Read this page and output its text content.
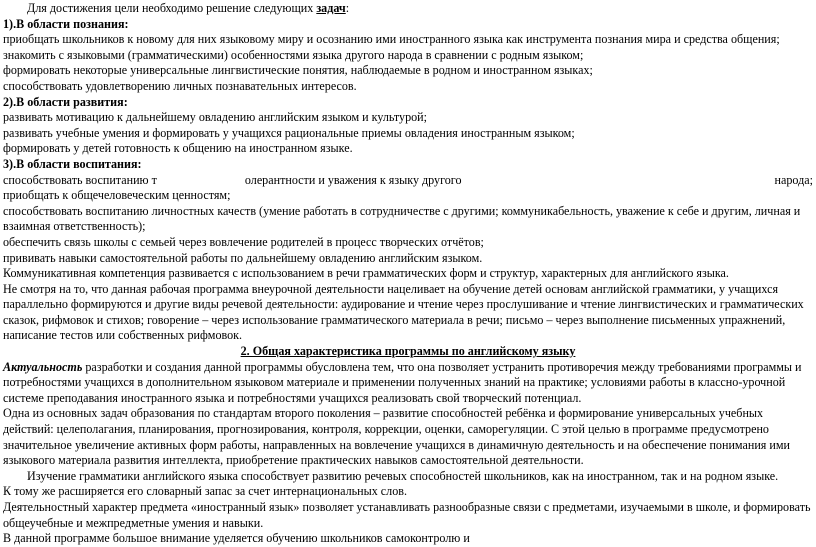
Для достижения цели необходимо решение следующих задач:
1).В области познания:
приобщать школьников к новому для них языковому миру и осознанию ими иностранного языка как инструмента познания мира и средства общения;
знакомить с языковыми (грамматическими) особенностями языка другого народа в сравнении с родным языком;
формировать некоторые универсальные лингвистические понятия, наблюдаемые в родном и иностранном языках;
способствовать удовлетворению личных познавательных интересов.
2).В области развития:
развивать мотивацию к дальнейшему овладению английским языком и культурой;
развивать учебные умения и формировать у учащихся рациональные приемы овладения иностранным языком;
формировать у детей готовность к общению на иностранном языке.
3).В области воспитания:
способствовать воспитанию т	олерантности и уважения к языку другого	народа;
приобщать к общечеловеческим ценностям;
способствовать воспитанию личностных качеств (умение работать в сотрудничестве с другими; коммуникабельность, уважение к себе и другим, личная и взаимная ответственность);
обеспечить связь школы с семьей через вовлечение родителей в процесс творческих отчётов;
прививать навыки самостоятельной работы по дальнейшему овладению английским языком.
Коммуникативная компетенция развивается с использованием в речи грамматических форм и структур, характерных для английского языка.
Не смотря на то, что данная рабочая программа внеурочной деятельности нацеливает на обучение детей основам английской грамматики, у учащихся параллельно формируются и другие виды речевой деятельности: аудирование и чтение через прослушивание и чтение лингвистических и грамматических сказок, рифмовок и стихов; говорение – через использование грамматического материала в речи; письмо – через выполнение письменных упражнений, написание тестов или собственных рифмовок.
2. Общая характеристика программы по английскому языку
Актуальность разработки и создания данной программы обусловлена тем, что она позволяет устранить противоречия между требованиями программы и потребностями учащихся в дополнительном языковом материале и применении полученных знаний на практике; условиями работы в классно-урочной системе преподавания иностранного языка и потребностями учащихся реализовать свой творческий потенциал.
Одна из основных задач образования по стандартам второго поколения – развитие способностей ребёнка и формирование универсальных учебных действий: целеполагания, планирования, прогнозирования, контроля, коррекции, оценки, саморегуляции. С этой целью в программе предусмотрено значительное увеличение активных форм работы, направленных на вовлечение учащихся в динамичную деятельность и на обеспечение понимания ими языкового материала развития интеллекта, приобретение практических навыков самостоятельной деятельности.
Изучение грамматики английского языка способствует развитию речевых способностей школьников, как на иностранном, так и на родном языке.
К тому же расширяется его словарный запас за счет интернациональных слов.
Деятельностный характер предмета «иностранный язык» позволяет устанавливать разнообразные связи с предметами, изучаемыми в школе, и формировать общеучебные и межпредметные умения и навыки.
В данной программе большое внимание уделяется обучению школьников самоконтролю и
